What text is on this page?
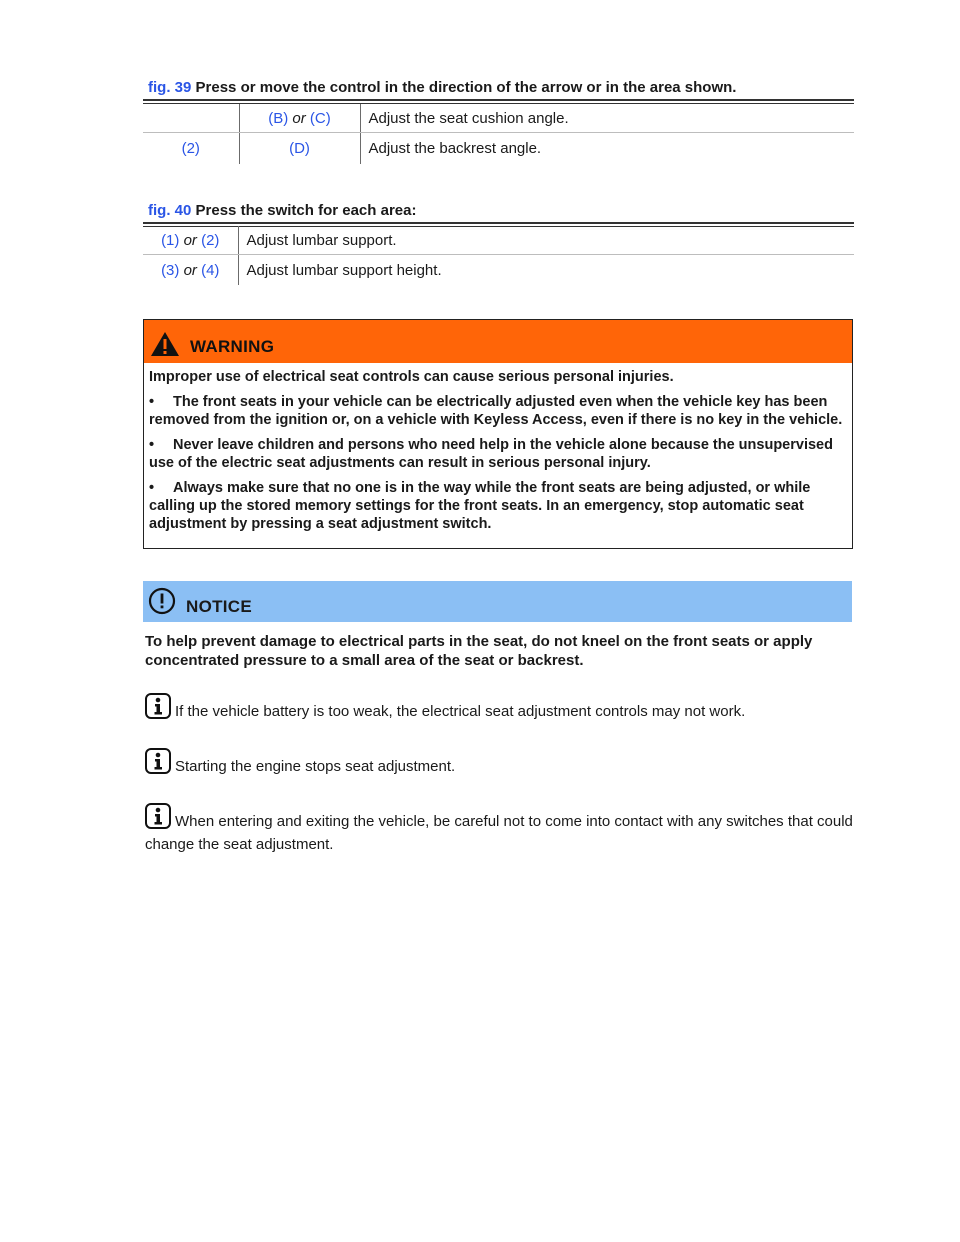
fig. 39 Press or move the control in the direction of the arrow or in the area shown.
	(B) or (C)	Adjust the seat cushion angle.
(2)	(D)	Adjust the backrest angle.
fig. 40 Press the switch for each area:
(1) or (2)	Adjust lumbar support.
(3) or (4)	Adjust lumbar support height.
WARNING

Improper use of electrical seat controls can cause serious personal injuries.

• The front seats in your vehicle can be electrically adjusted even when the vehicle key has been removed from the ignition or, on a vehicle with Keyless Access, even if there is no key in the vehicle.

• Never leave children and persons who need help in the vehicle alone because the unsupervised use of the electric seat adjustments can result in serious personal injury.

• Always make sure that no one is in the way while the front seats are being adjusted, or while calling up the stored memory settings for the front seats. In an emergency, stop automatic seat adjustment by pressing a seat adjustment switch.

NOTICE
To help prevent damage to electrical parts in the seat, do not kneel on the front seats or apply concentrated pressure to a small area of the seat or backrest.
If the vehicle battery is too weak, the electrical seat adjustment controls may not work.
Starting the engine stops seat adjustment.
When entering and exiting the vehicle, be careful not to come into contact with any switches that could change the seat adjustment.
